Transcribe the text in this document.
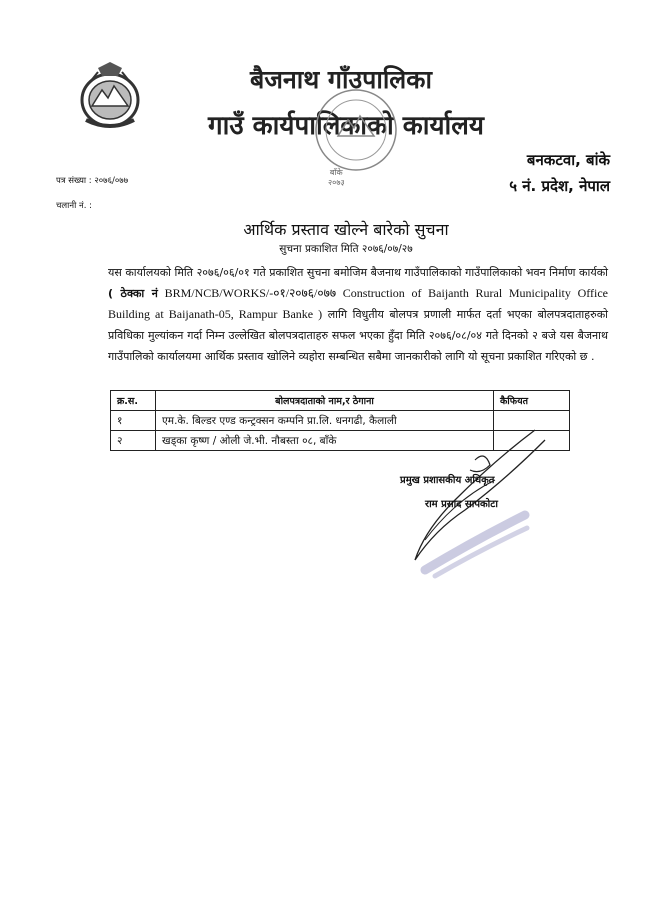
बैजनाथ गाँउपालिका
गाउँ कार्यपालिकाको कार्यालय
बाँके
२०७३
बनकटवा, बांके
५ नं. प्रदेश, नेपाल
पत्र संख्या : २०७६/०७७
चलानी नं. :
आर्थिक प्रस्ताव खोल्ने बारेको सुचना
सुचना प्रकाशित मिति २०७६/०७/२७
यस कार्यालयको मिति २०७६/०६/०१ गते प्रकाशित सुचना बमोजिम बैजनाथ गाउँपालिकाको गाउँपालिकाको भवन निर्माण कार्यको ( ठेक्का नं BRM/NCB/WORKS/-०१/२०७६/०७७ Construction of Baijanth Rural Municipality Office Building at Baijanath-05, Rampur Banke ) लागि विधुतीय बोलपत्र प्रणाली मार्फत दर्ता भएका बोलपत्रदाताहरुको प्रविधिका मुल्यांकन गर्दा निम्न उल्लेखित बोलपत्रदाताहरु सफल भएका हुँदा मिति २०७६/०८/०४ गते दिनको २ बजे यस बैजनाथ गाउँपालिको कार्यालयमा आर्थिक प्रस्ताव खोलिने व्यहोरा सम्बन्धित सबैमा जानकारीको लागि यो सूचना प्रकाशित गरिएको छ .
क्र.स.	बोलपत्रदाताको नाम,र ठेगाना	कैफियत
१	एम.के. बिल्डर एण्ड कन्ट्रक्सन कम्पनि प्रा.लि. धनगढी, कैलाली	
२	खड्का कृष्ण / ओली जे.भी. नौबस्ता ०८, बाँके	
प्रमुख प्रशासकीय अधिकृत
राम प्रसाद सापकोटा
